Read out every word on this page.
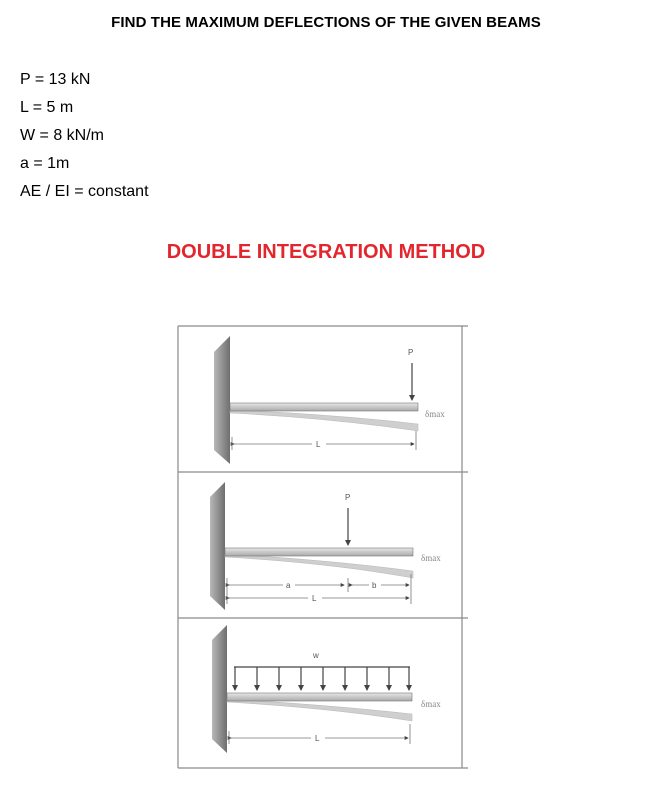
FIND THE MAXIMUM DEFLECTIONS OF THE GIVEN BEAMS
P = 13 kN
L = 5 m
W = 8 kN/m
a = 1m
AE / EI = constant
DOUBLE INTEGRATION METHOD
P
δmax
L
P
δmax
a	b
L
w
δmax
L
